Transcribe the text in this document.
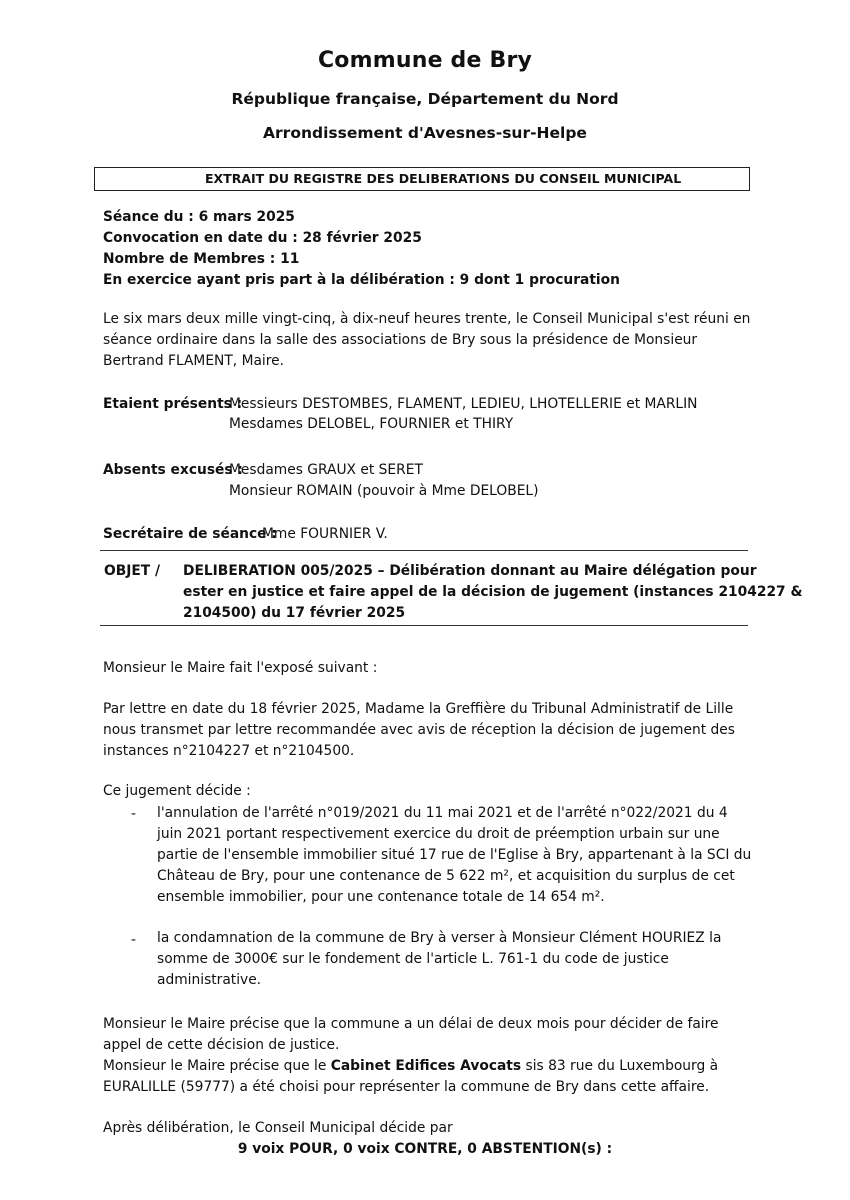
Commune de Bry
République française, Département du Nord
Arrondissement d'Avesnes-sur-Helpe
EXTRAIT DU REGISTRE DES DELIBERATIONS DU CONSEIL MUNICIPAL
Séance du : 6 mars 2025
Convocation en date du : 28 février 2025
Nombre de Membres : 11
En exercice ayant pris part à la délibération : 9 dont 1 procuration
Le six mars deux mille vingt-cinq, à dix-neuf heures trente, le Conseil Municipal s'est réuni en
séance ordinaire dans la salle des associations de Bry sous la présidence de Monsieur
Bertrand FLAMENT, Maire.
Etaient présents :
Messieurs DESTOMBES, FLAMENT, LEDIEU, LHOTELLERIE et MARLIN
Mesdames DELOBEL, FOURNIER et THIRY
Absents excusés :
Mesdames GRAUX et SERET
Monsieur ROMAIN (pouvoir à Mme DELOBEL)
Secrétaire de séance :
Mme FOURNIER V.
OBJET / DELIBERATION 005/2025 – Délibération donnant au Maire délégation pour
ester en justice et faire appel de la décision de jugement (instances 2104227 &
2104500) du 17 février 2025
Monsieur le Maire fait l'exposé suivant :
Par lettre en date du 18 février 2025, Madame la Greffière du Tribunal Administratif de Lille
nous transmet par lettre recommandée avec avis de réception la décision de jugement des
instances n°2104227 et n°2104500.
Ce jugement décide :
- l'annulation de l'arrêté n°019/2021 du 11 mai 2021 et de l'arrêté n°022/2021 du 4
juin 2021 portant respectivement exercice du droit de préemption urbain sur une
partie de l'ensemble immobilier situé 17 rue de l'Eglise à Bry, appartenant à la SCI du
Château de Bry, pour une contenance de 5 622 m², et acquisition du surplus de cet
ensemble immobilier, pour une contenance totale de 14 654 m².
- la condamnation de la commune de Bry à verser à Monsieur Clément HOURIEZ la
somme de 3000€ sur le fondement de l'article L. 761-1 du code de justice
administrative.
Monsieur le Maire précise que la commune a un délai de deux mois pour décider de faire
appel de cette décision de justice.
Monsieur le Maire précise que le Cabinet Edifices Avocats sis 83 rue du Luxembourg à
EURALILLE (59777) a été choisi pour représenter la commune de Bry dans cette affaire.
Après délibération, le Conseil Municipal décide par
9 voix POUR, 0 voix CONTRE, 0 ABSTENTION(s) :
